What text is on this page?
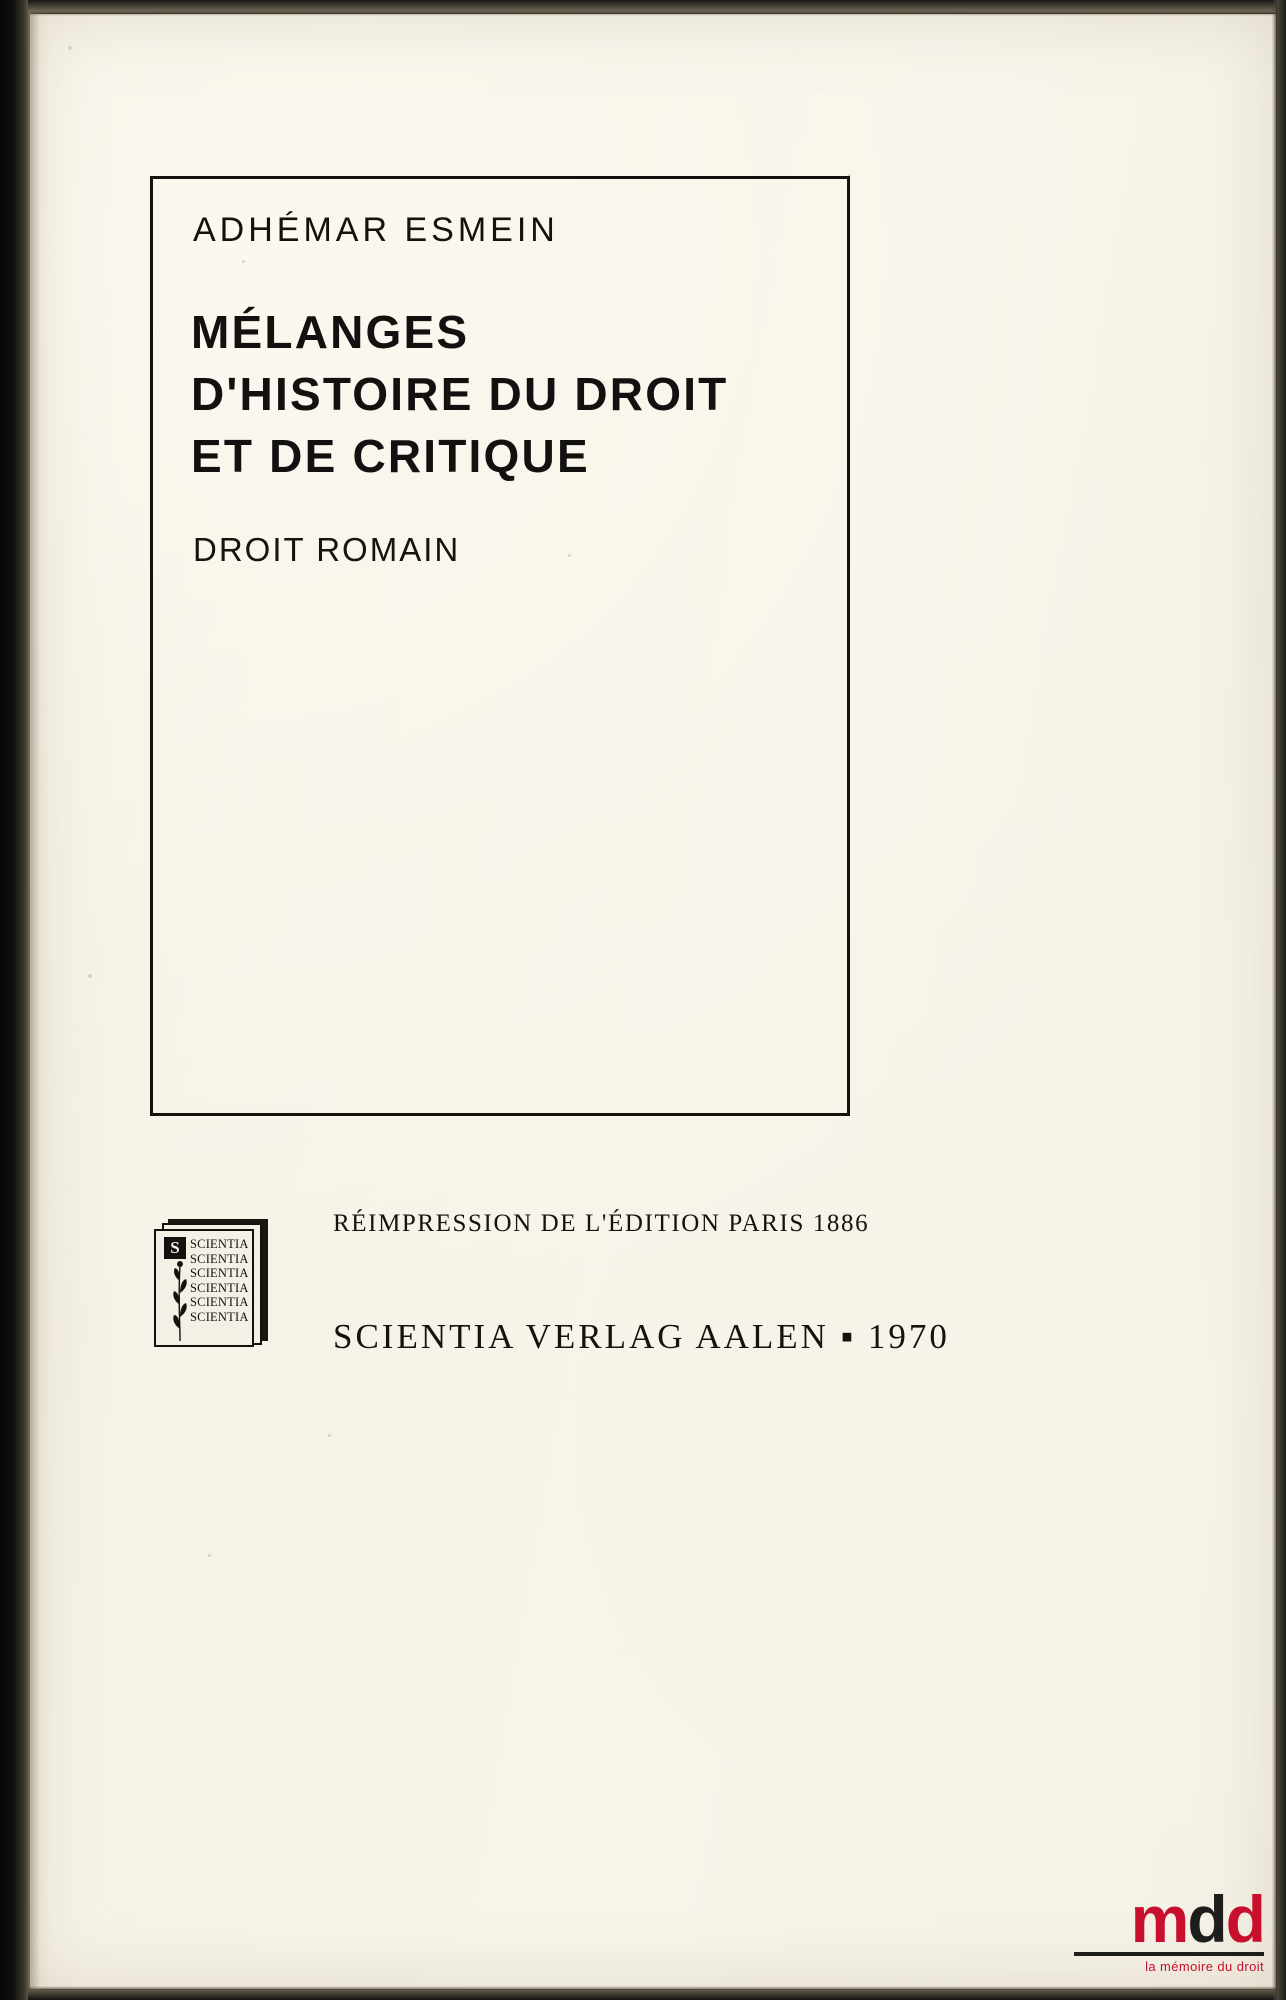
ADHÉMAR ESMEIN
MÉLANGES
D'HISTOIRE DU DROIT
ET DE CRITIQUE
DROIT ROMAIN
S SCIENTIA
SCIENTIA
SCIENTIA
SCIENTIA
SCIENTIA
SCIENTIA
RÉIMPRESSION DE L'ÉDITION PARIS 1886
SCIENTIA VERLAG AALEN ▪ 1970
mdd
la mémoire du droit
